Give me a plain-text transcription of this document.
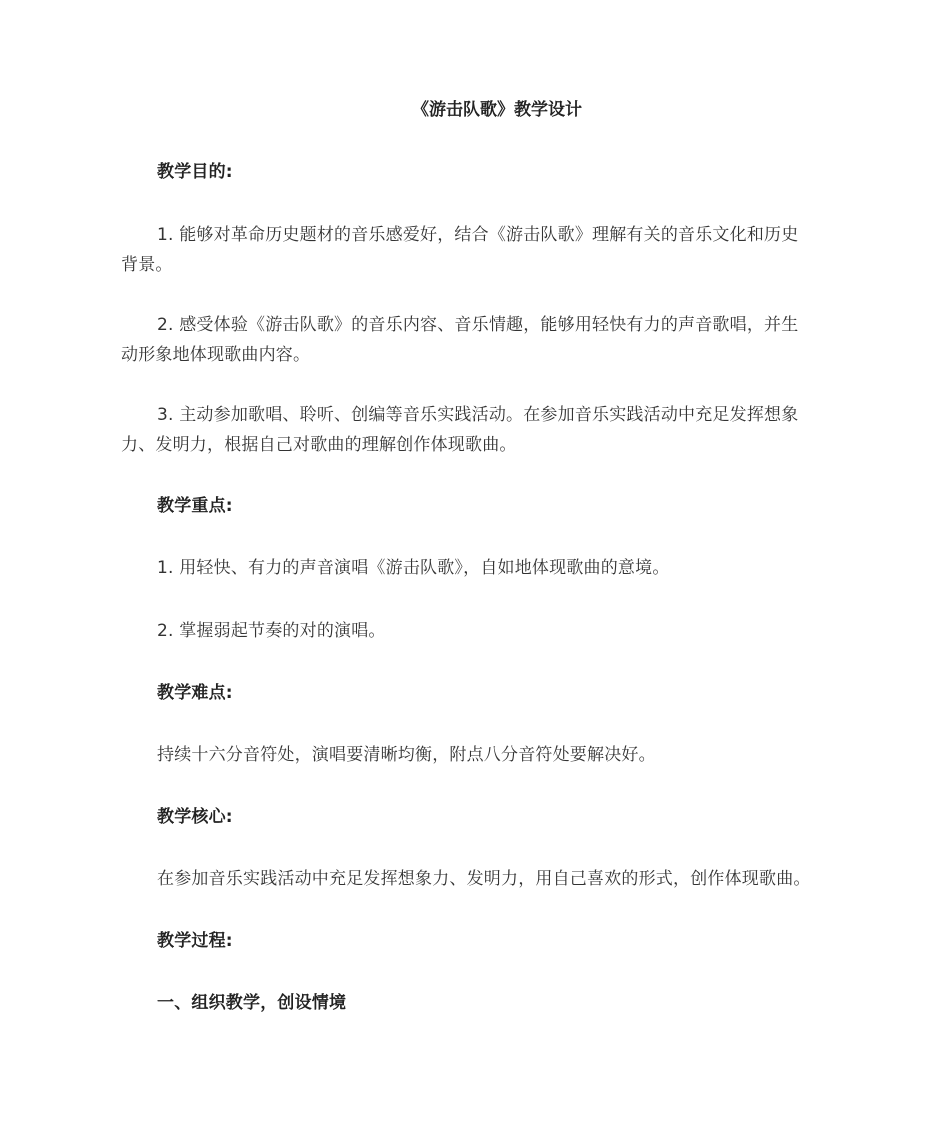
《游击队歌》教学设计
教学目的:
1. 能够对革命历史题材的音乐感爱好，结合《游击队歌》理解有关的音乐文化和历史
背景。
2. 感受体验《游击队歌》的音乐内容、音乐情趣，能够用轻快有力的声音歌唱，并生
动形象地体现歌曲内容。
3. 主动参加歌唱、聆听、创编等音乐实践活动。在参加音乐实践活动中充足发挥想象
力、发明力，根据自己对歌曲的理解创作体现歌曲。
教学重点:
1. 用轻快、有力的声音演唱《游击队歌》，自如地体现歌曲的意境。
2. 掌握弱起节奏的对的演唱。
教学难点:
持续十六分音符处，演唱要清晰均衡，附点八分音符处要解决好。
教学核心:
在参加音乐实践活动中充足发挥想象力、发明力，用自己喜欢的形式，创作体现歌曲。
教学过程:
一、组织教学，创设情境
